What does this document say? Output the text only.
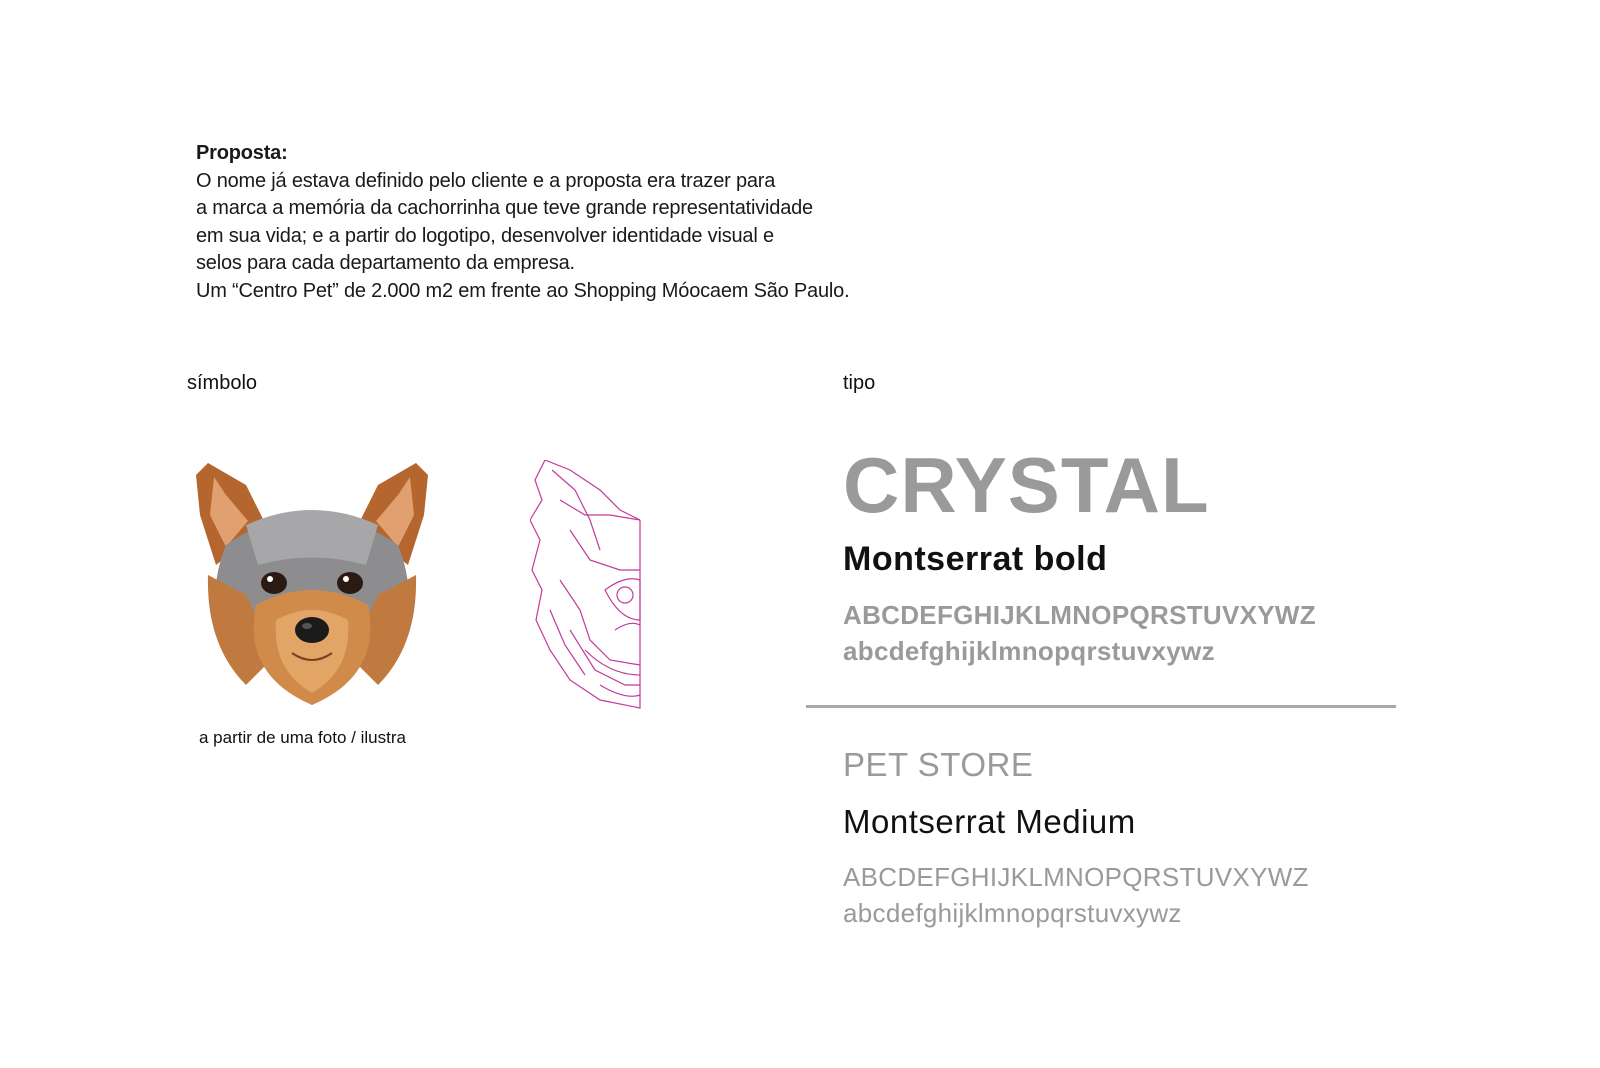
Proposta:
O nome já estava definido pelo cliente e a proposta era trazer para
a marca a memória da cachorrinha que teve grande representatividade
em sua vida; e a partir do logotipo, desenvolver identidade visual e
selos para cada departamento da empresa.
Um “Centro Pet” de 2.000 m2 em frente ao Shopping Móocaem São Paulo.
símbolo	tipo
a partir de uma foto / ilustra
CRYSTAL
Montserrat bold
ABCDEFGHIJKLMNOPQRSTUVXYWZ
abcdefghijklmnopqrstuvxywz
PET STORE
Montserrat Medium
ABCDEFGHIJKLMNOPQRSTUVXYWZ
abcdefghijklmnopqrstuvxywz
